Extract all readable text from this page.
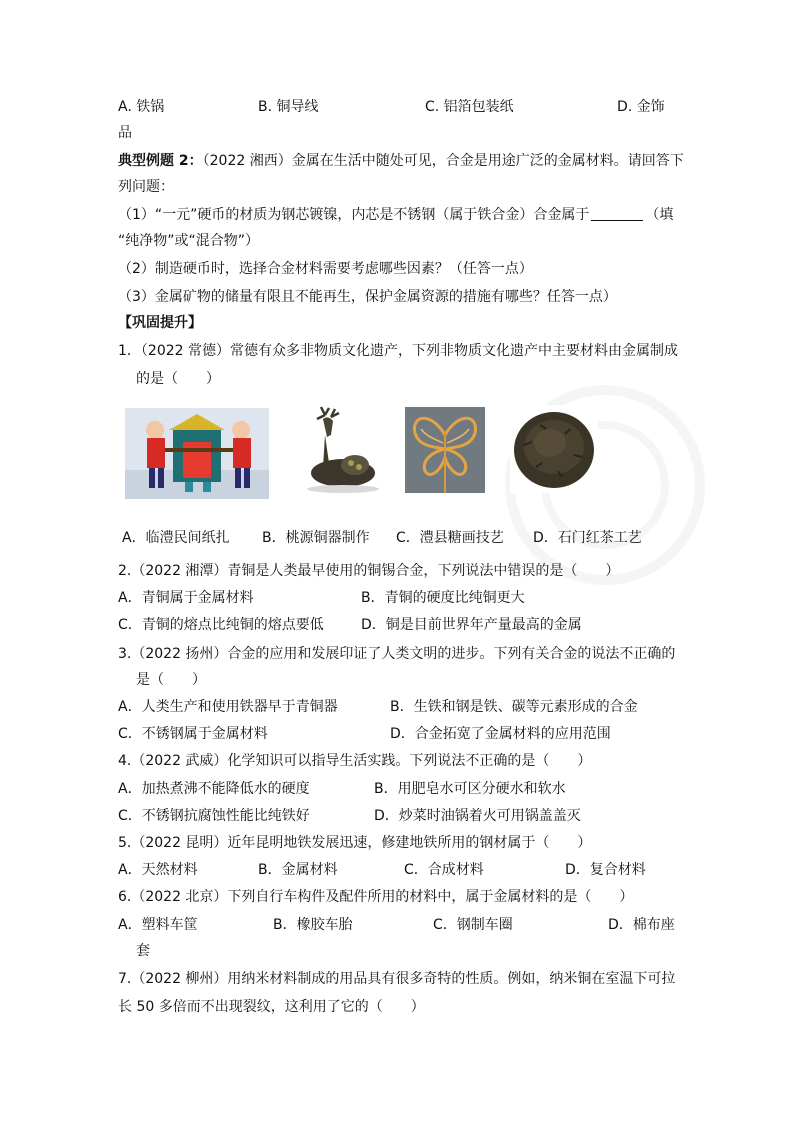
A. 铁锅	B. 铜导线	C. 铝箔包装纸	D. 金饰
品
典型例题 2：（2022 湘西）金属在生活中随处可见，合金是用途广泛的金属材料。请回答下
列问题：
（1）“一元”硬币的材质为钢芯镀镍，内芯是不锈钢（属于铁合金）合金属于	（填
“纯净物”或“混合物”）
（2）制造硬币时，选择合金材料需要考虑哪些因素？（任答一点）
（3）金属矿物的储量有限且不能再生，保护金属资源的措施有哪些？任答一点）
【巩固提升】
1．（2022 常德）常德有众多非物质文化遗产，下列非物质文化遗产中主要材料由金属制成
的是（　　）
A．临澧民间纸扎 B．桃源铜器制作 C．澧县糖画技艺 D．石门红茶工艺
2.（2022 湘潭）青铜是人类最早使用的铜锡合金，下列说法中错误的是（　　）
A．青铜属于金属材料	B．青铜的硬度比纯铜更大
C．青铜的熔点比纯铜的熔点要低	D．铜是目前世界年产量最高的金属
3.（2022 扬州）合金的应用和发展印证了人类文明的进步。下列有关合金的说法不正确的
是（　　）
A．人类生产和使用铁器早于青铜器	B．生铁和钢是铁、碳等元素形成的合金
C．不锈钢属于金属材料	D．合金拓宽了金属材料的应用范围
4.（2022 武威）化学知识可以指导生活实践。下列说法不正确的是（　　）
A．加热煮沸不能降低水的硬度	B．用肥皂水可区分硬水和软水
C．不锈钢抗腐蚀性能比纯铁好	D．炒菜时油锅着火可用锅盖盖灭
5.（2022 昆明）近年昆明地铁发展迅速，修建地铁所用的钢材属于（　　）
A．天然材料	B．金属材料	C．合成材料	D．复合材料
6.（2022 北京）下列自行车构件及配件所用的材料中，属于金属材料的是（　　）
A．塑料车筐	B．橡胶车胎	C．钢制车圈	D．棉布座
套
7.（2022 柳州）用纳米材料制成的用品具有很多奇特的性质。例如，纳米铜在室温下可拉
长 50 多倍而不出现裂纹，这利用了它的（　　）
